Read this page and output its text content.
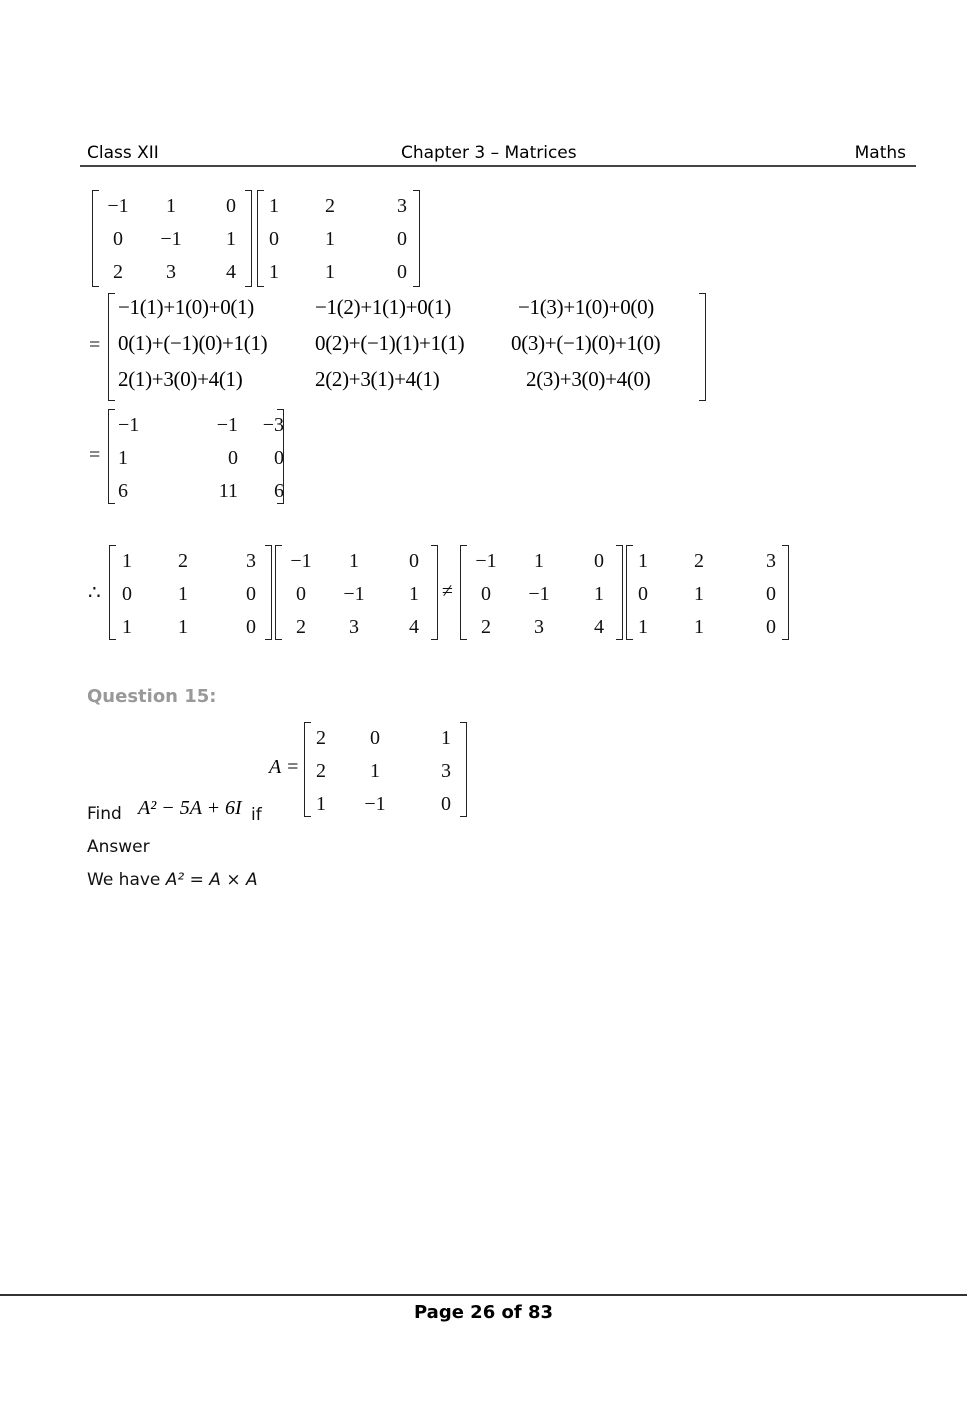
Class XII	Chapter 3 – Matrices	Maths
−1	1	0
0	−1	1
2	3	4
1	2	3
0	1	0
1	1	0
=
−1(1)+1(0)+0(1)	−1(2)+1(1)+0(1)	−1(3)+1(0)+0(0)
0(1)+(−1)(0)+1(1) 0(2)+(−1)(1)+1(1) 0(3)+(−1)(0)+1(0)
2(1)+3(0)+4(1)	2(2)+3(1)+4(1)	2(3)+3(0)+4(0)
=
−1	−1	−3
1	0	0
6	11	6
∴
1	2	3
0	1	0
1	1	0
−1	1	0
0	−1	1
2	3	4
≠
−1	1	0
0	−1	1
2	3	4
1	2	3
0	1	0
1	1	0
Question 15:
A =
2	0	1
2	1	3
1	−1	0
Find A² − 5A + 6I if
Answer
We have A² = A × A
Page 26 of 83
